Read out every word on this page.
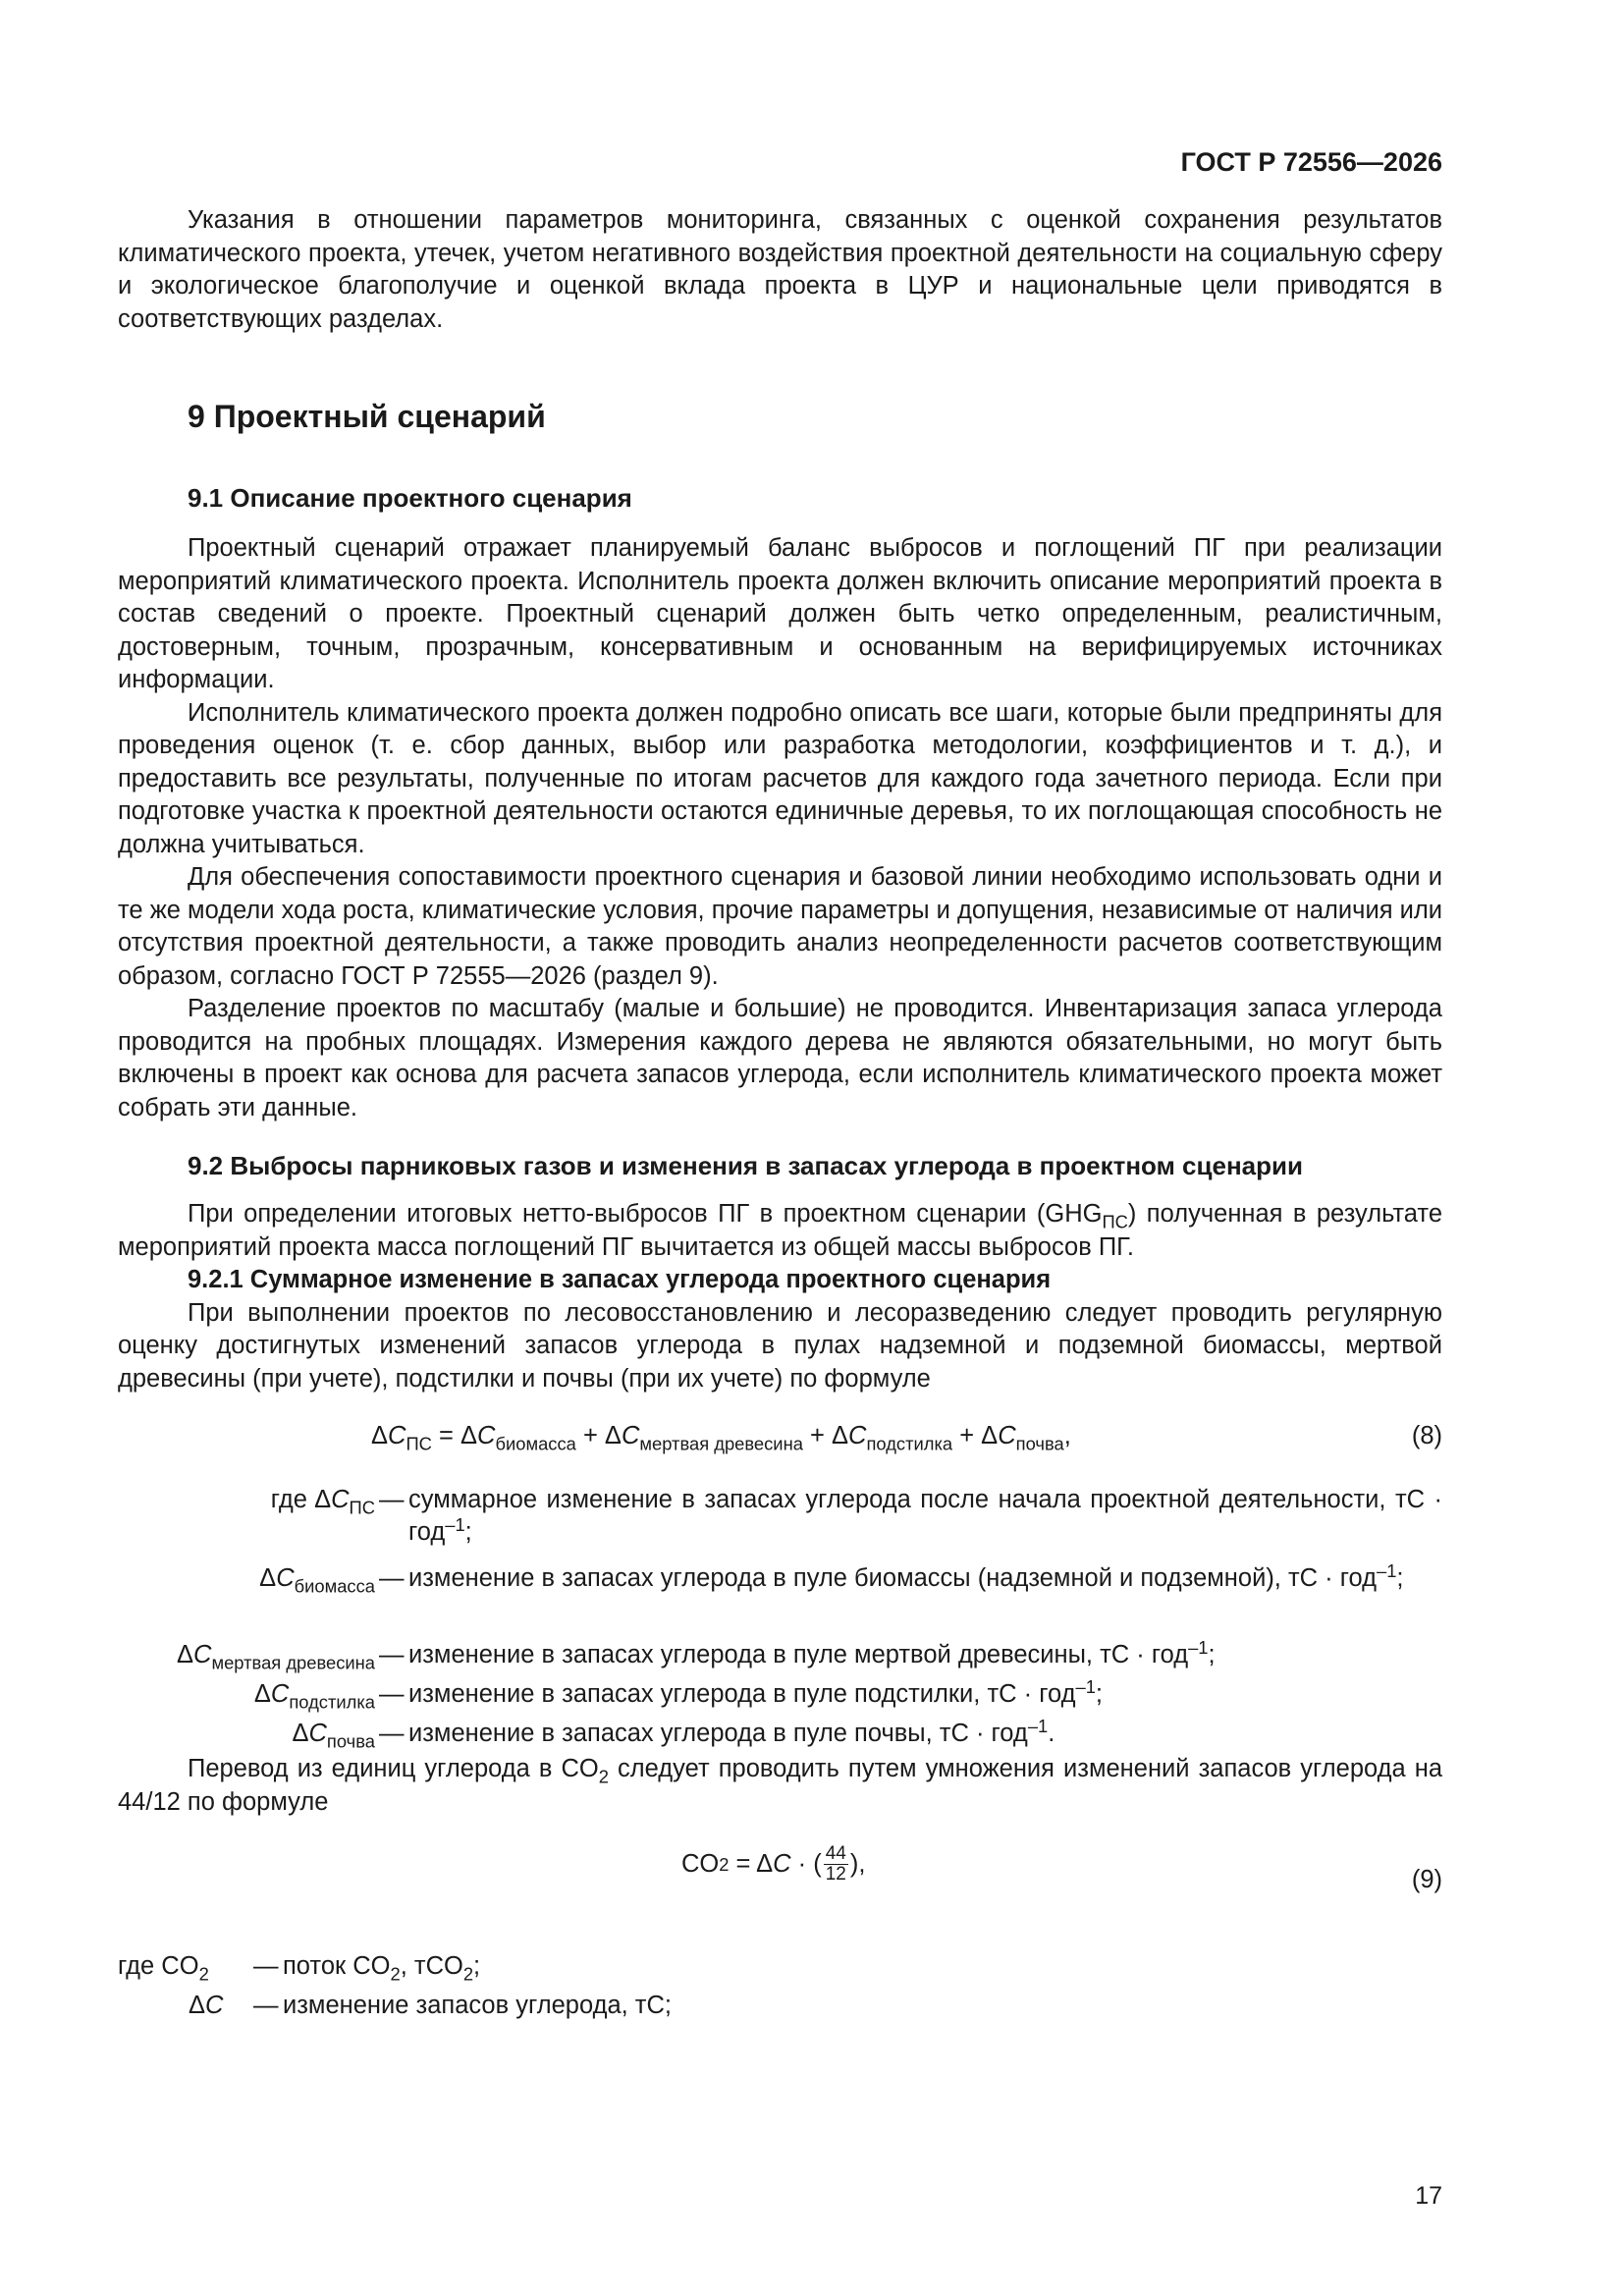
ГОСТ Р 72556—2026

Указания в отношении параметров мониторинга, связанных с оценкой сохранения результатов климатического проекта, утечек, учетом негативного воздействия проектной деятельности на социальную сферу и экологическое благополучие и оценкой вклада проекта в ЦУР и национальные цели приводятся в соответствующих разделах.

9 Проектный сценарий
9.1 Описание проектного сценария

Проектный сценарий отражает планируемый баланс выбросов и поглощений ПГ при реализации мероприятий климатического проекта. Исполнитель проекта должен включить описание мероприятий проекта в состав сведений о проекте. Проектный сценарий должен быть четко определенным, реалистичным, достоверным, точным, прозрачным, консервативным и основанным на верифицируемых источниках информации.

Исполнитель климатического проекта должен подробно описать все шаги, которые были предприняты для проведения оценок (т. е. сбор данных, выбор или разработка методологии, коэффициентов и т. д.), и предоставить все результаты, полученные по итогам расчетов для каждого года зачетного периода. Если при подготовке участка к проектной деятельности остаются единичные деревья, то их поглощающая способность не должна учитываться.

Для обеспечения сопоставимости проектного сценария и базовой линии необходимо использовать одни и те же модели хода роста, климатические условия, прочие параметры и допущения, независимые от наличия или отсутствия проектной деятельности, а также проводить анализ неопределенности расчетов соответствующим образом, согласно ГОСТ Р 72555—2026 (раздел 9).

Разделение проектов по масштабу (малые и большие) не проводится. Инвентаризация запаса углерода проводится на пробных площадях. Измерения каждого дерева не являются обязательными, но могут быть включены в проект как основа для расчета запасов углерода, если исполнитель климатического проекта может собрать эти данные.

9.2 Выбросы парниковых газов и изменения в запасах углерода в проектном сценарии

При определении итоговых нетто-выбросов ПГ в проектном сценарии $(GHG_{ПС})$ полученная в результате мероприятий проекта масса поглощений ПГ вычитается из общей массы выбросов ПГ.

9.2.1 Суммарное изменение в запасах углерода проектного сценария

При выполнении проектов по лесовосстановлению и лесоразведению следует проводить регулярную оценку достигнутых изменений запасов углерода в пулах надземной и подземной биомассы, мертвой древесины (при учете), подстилки и почвы (при их учете) по формуле

$\Delta C_{ПС} = \Delta C_{биомасса} + \Delta C_{мертвая древесина} + \Delta C_{подстилка} + \Delta C_{почва}$,	(8)
где $\Delta C_{ПС}$ — суммарное изменение в запасах углерода после начала проектной деятельности, тС · год$^{-1}$;
$\Delta C_{биомасса}$ — изменение в запасах углерода в пуле биомассы (надземной и подземной), тС · год$^{-1}$;
$\Delta C_{мертвая древесина}$ — изменение в запасах углерода в пуле мертвой древесины, тС · год$^{-1}$;
$\Delta C_{подстилка}$ — изменение в запасах углерода в пуле подстилки, тС · год$^{-1}$;
$\Delta C_{почва}$ — изменение в запасах углерода в пуле почвы, тС · год$^{-1}$.

Перевод из единиц углерода в $CO_2$ следует проводить путем умножения изменений запасов углерода на 44/12 по формуле

CO 2 = Δ C · ( $\frac{44}{12}$ ),
(9)
где $CO_2$ — поток $CO_2$, тCO$_2$;
ΔC — изменение запасов углерода, тС;
17
